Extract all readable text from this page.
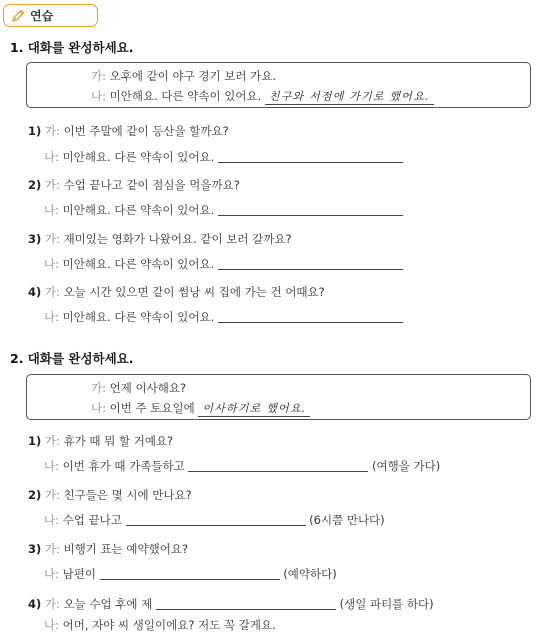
연습
1. 대화를 완성하세요.
가: 오후에 같이 야구 경기 보러 가요.
나: 미안해요. 다른 약속이 있어요. 친구와 서점에 가기로 했어요.
1) 가: 이번 주말에 같이 등산을 할까요?
나: 미안해요. 다른 약속이 있어요.
2) 가: 수업 끝나고 같이 점심을 먹을까요?
나: 미안해요. 다른 약속이 있어요.
3) 가: 재미있는 영화가 나왔어요. 같이 보러 갈까요?
나: 미안해요. 다른 약속이 있어요.
4) 가: 오늘 시간 있으면 같이 썸낭 씨 집에 가는 건 어때요?
나: 미안해요. 다른 약속이 있어요.
2. 대화를 완성하세요.
가: 언제 이사해요?
나: 이번 주 토요일에 이사하기로 했어요.
1) 가: 휴가 때 뭐 할 거예요?
나: 이번 휴가 때 가족들하고	(여행을 가다)
2) 가: 친구들은 몇 시에 만나요?
나: 수업 끝나고	(6시쯤 만나다)
3) 가: 비행기 표는 예약했어요?
나: 남편이	(예약하다)
4) 가: 오늘 수업 후에 제	(생일 파티를 하다)
나: 어머, 자야 씨 생일이에요? 저도 꼭 갈게요.
